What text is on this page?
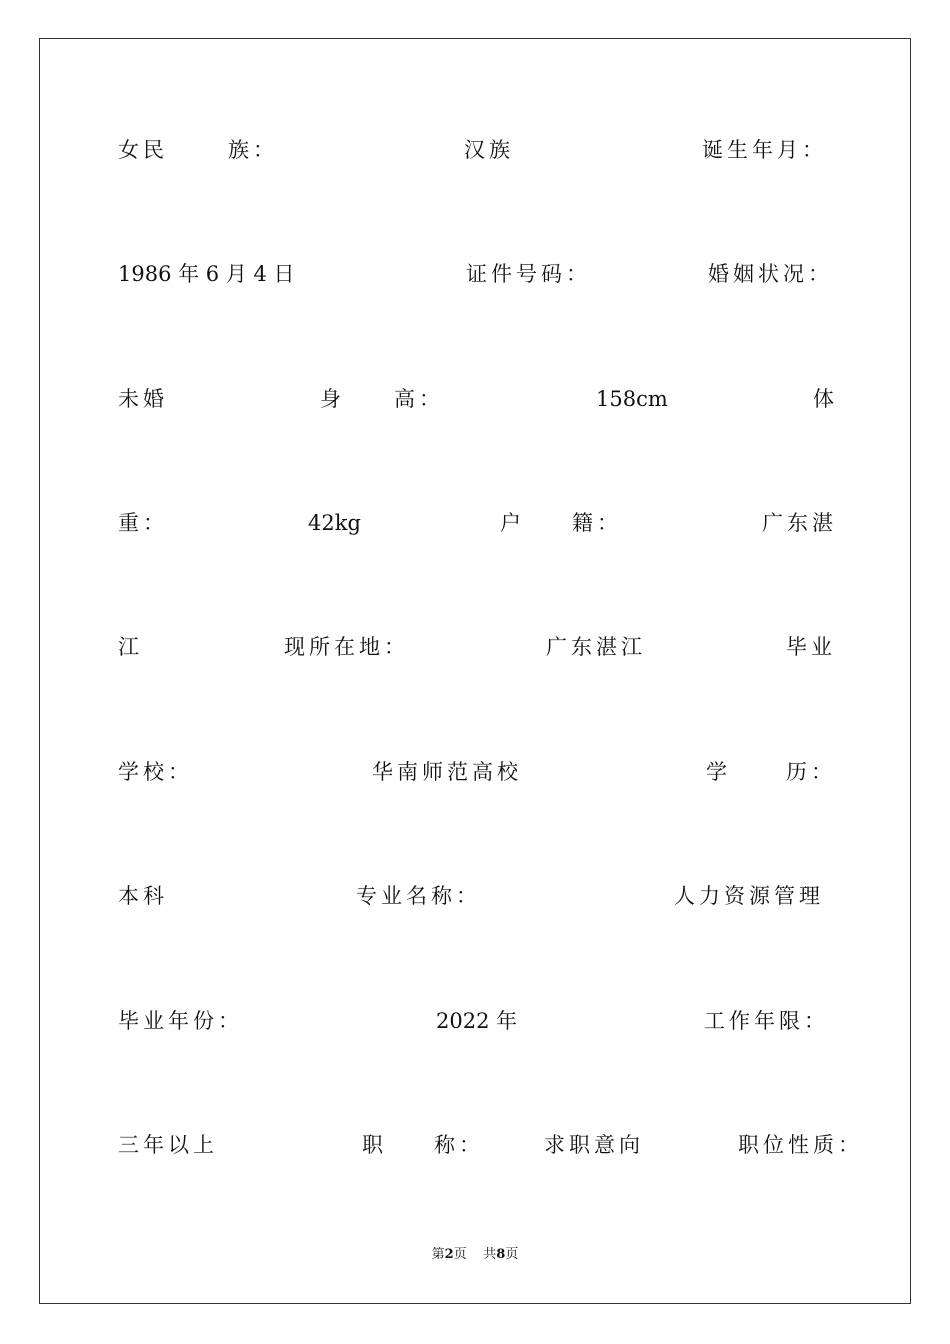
女民	族：	汉族	诞生年月：
1986 年 6 月 4 日	证件号码：	婚姻状况：
未婚	身 高：	158cm	体
重：	42kg	户 籍：	广东湛
江	现所在地：	广东湛江	毕业
学校：	华南师范高校	学	历：
本科	专业名称：	人力资源管理
毕业年份：	2022 年	工作年限：
三年以上	职 称：	求职意向	职位性质：
第2页 共8页
